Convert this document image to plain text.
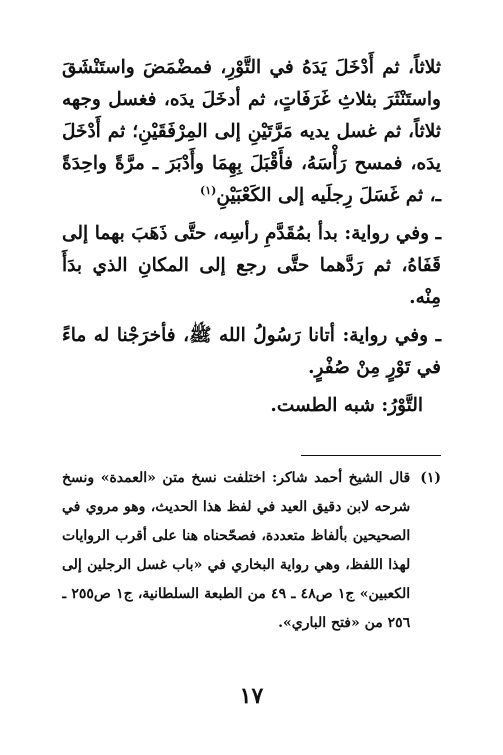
ثلاثاً، ثم أَدْخَلَ يَدَهُ في التَّوْرِ، فمضْمَضَ واستَنْشَقَ واستَنْثَرَ بثلاثِ غَرَفَاتٍ، ثم أدخَلَ يدَه، فغسل وجهه ثلاثاً، ثم غسل يديه مَرَّتَيْنِ إلى المِرْفَقَيْنِ؛ ثم أَدْخَلَ يدَه، فمسح رَأْسَهُ، فأَقْبَلَ بِهِمَا وأَدْبَرَ ـ مرَّةً واحِدَةً ـ، ثم غَسَلَ رِجلَيه إلى الكَعْبَيْنِ$^{(١)}$

ـ وفي رواية: بدأ بمُقَدَّمِ رأسِه، حتَّى ذَهَبَ بهما إلى قَفَاهُ، ثم رَدَّهما حتَّى رجع إلى المكانِ الذي بدَأَ مِنْه.

ـ وفي رواية: أتانا رَسُولُ الله ﷺ، فأخرَجْنا له ماءً في تَوْرٍ مِنْ صُفْرٍ.

التَّوْرُ: شبه الطست.

(١)
قال الشيخ أحمد شاكر: اختلفت نسخ متن «العمدة» ونسخ شرحه لابن دقيق العيد في لفظ هذا الحديث، وهو مروي في الصحيحين بألفاظ متعددة، فصحّحناه هنا على أقرب الروايات لهذا اللفظ، وهي رواية البخاري في «باب غسل الرجلين إلى الكعبين» ج١ ص٤٨ ـ ٤٩ من الطبعة السلطانية، ج١ ص٢٥٥ ـ ٢٥٦ من «فتح الباري».
١٧
